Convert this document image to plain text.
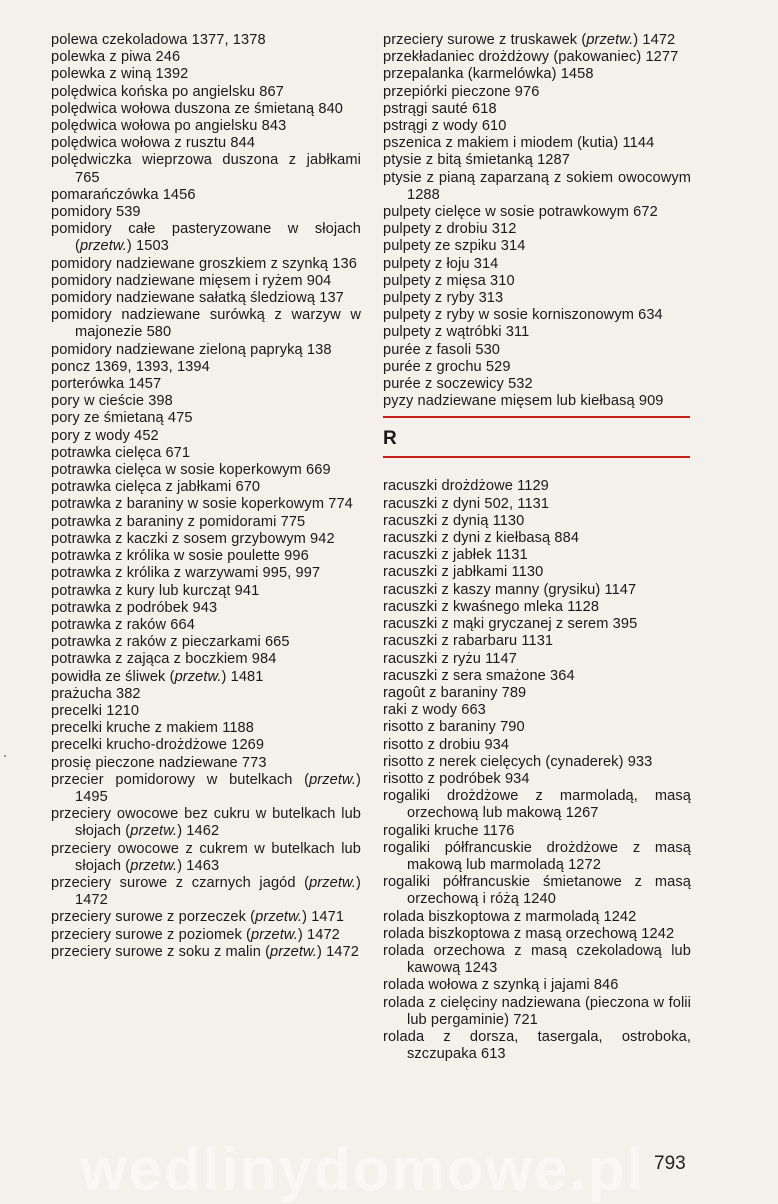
polewa czekoladowa 1377, 1378
polewka z piwa 246
polewka z winą 1392
polędwica końska po angielsku 867
polędwica wołowa duszona ze śmietaną 840
polędwica wołowa po angielsku 843
polędwica wołowa z rusztu 844
polędwiczka wieprzowa duszona z jabłkami 765
pomarańczówka 1456
pomidory 539
pomidory całe pasteryzowane w słojach (przetw.) 1503
pomidory nadziewane groszkiem z szynką 136
pomidory nadziewane mięsem i ryżem 904
pomidory nadziewane sałatką śledziową 137
pomidory nadziewane surówką z warzyw w majonezie 580
pomidory nadziewane zieloną papryką 138
poncz 1369, 1393, 1394
porterówka 1457
pory w cieście 398
pory ze śmietaną 475
pory z wody 452
potrawka cielęca 671
potrawka cielęca w sosie koperkowym 669
potrawka cielęca z jabłkami 670
potrawka z baraniny w sosie koperkowym 774
potrawka z baraniny z pomidorami 775
potrawka z kaczki z sosem grzybowym 942
potrawka z królika w sosie poulette 996
potrawka z królika z warzywami 995, 997
potrawka z kury lub kurcząt 941
potrawka z podróbek 943
potrawka z raków 664
potrawka z raków z pieczarkami 665
potrawka z zająca z boczkiem 984
powidła ze śliwek (przetw.) 1481
prażucha 382
precelki 1210
precelki kruche z makiem 1188
precelki krucho-drożdżowe 1269
prosię pieczone nadziewane 773
przecier pomidorowy w butelkach (przetw.) 1495
przeciery owocowe bez cukru w butelkach lub słojach (przetw.) 1462
przeciery owocowe z cukrem w butelkach lub słojach (przetw.) 1463
przeciery surowe z czarnych jagód (przetw.) 1472
przeciery surowe z porzeczek (przetw.) 1471
przeciery surowe z poziomek (przetw.) 1472
przeciery surowe z soku z malin (przetw.) 1472
przeciery surowe z truskawek (przetw.) 1472
przekładaniec drożdżowy (pakowaniec) 1277
przepalanka (karmelówka) 1458
przepiórki pieczone 976
pstrągi sauté 618
pstrągi z wody 610
pszenica z makiem i miodem (kutia) 1144
ptysie z bitą śmietanką 1287
ptysie z pianą zaparzaną z sokiem owocowym 1288
pulpety cielęce w sosie potrawkowym 672
pulpety z drobiu 312
pulpety ze szpiku 314
pulpety z łoju 314
pulpety z mięsa 310
pulpety z ryby 313
pulpety z ryby w sosie korniszonowym 634
pulpety z wątróbki 311
purée z fasoli 530
purée z grochu 529
purée z soczewicy 532
pyzy nadziewane mięsem lub kiełbasą 909
R
racuszki drożdżowe 1129
racuszki z dyni 502, 1131
racuszki z dynią 1130
racuszki z dyni z kiełbasą 884
racuszki z jabłek 1131
racuszki z jabłkami 1130
racuszki z kaszy manny (grysiku) 1147
racuszki z kwaśnego mleka 1128
racuszki z mąki gryczanej z serem 395
racuszki z rabarbaru 1131
racuszki z ryżu 1147
racuszki z sera smażone 364
ragoût z baraniny 789
raki z wody 663
risotto z baraniny 790
risotto z drobiu 934
risotto z nerek cielęcych (cynaderek) 933
risotto z podróbek 934
rogaliki drożdżowe z marmoladą, masą orzechową lub makową 1267
rogaliki kruche 1176
rogaliki półfrancuskie drożdżowe z masą makową lub marmoladą 1272
rogaliki półfrancuskie śmietanowe z masą orzechową i różą 1240
rolada biszkoptowa z marmoladą 1242
rolada biszkoptowa z masą orzechową 1242
rolada orzechowa z masą czekoladową lub kawową 1243
rolada wołowa z szynką i jajami 846
rolada z cielęciny nadziewana (pieczona w folii lub pergaminie) 721
rolada z dorsza, tasergala, ostroboka, szczupaka 613
wedlinydomowe.pl 793
